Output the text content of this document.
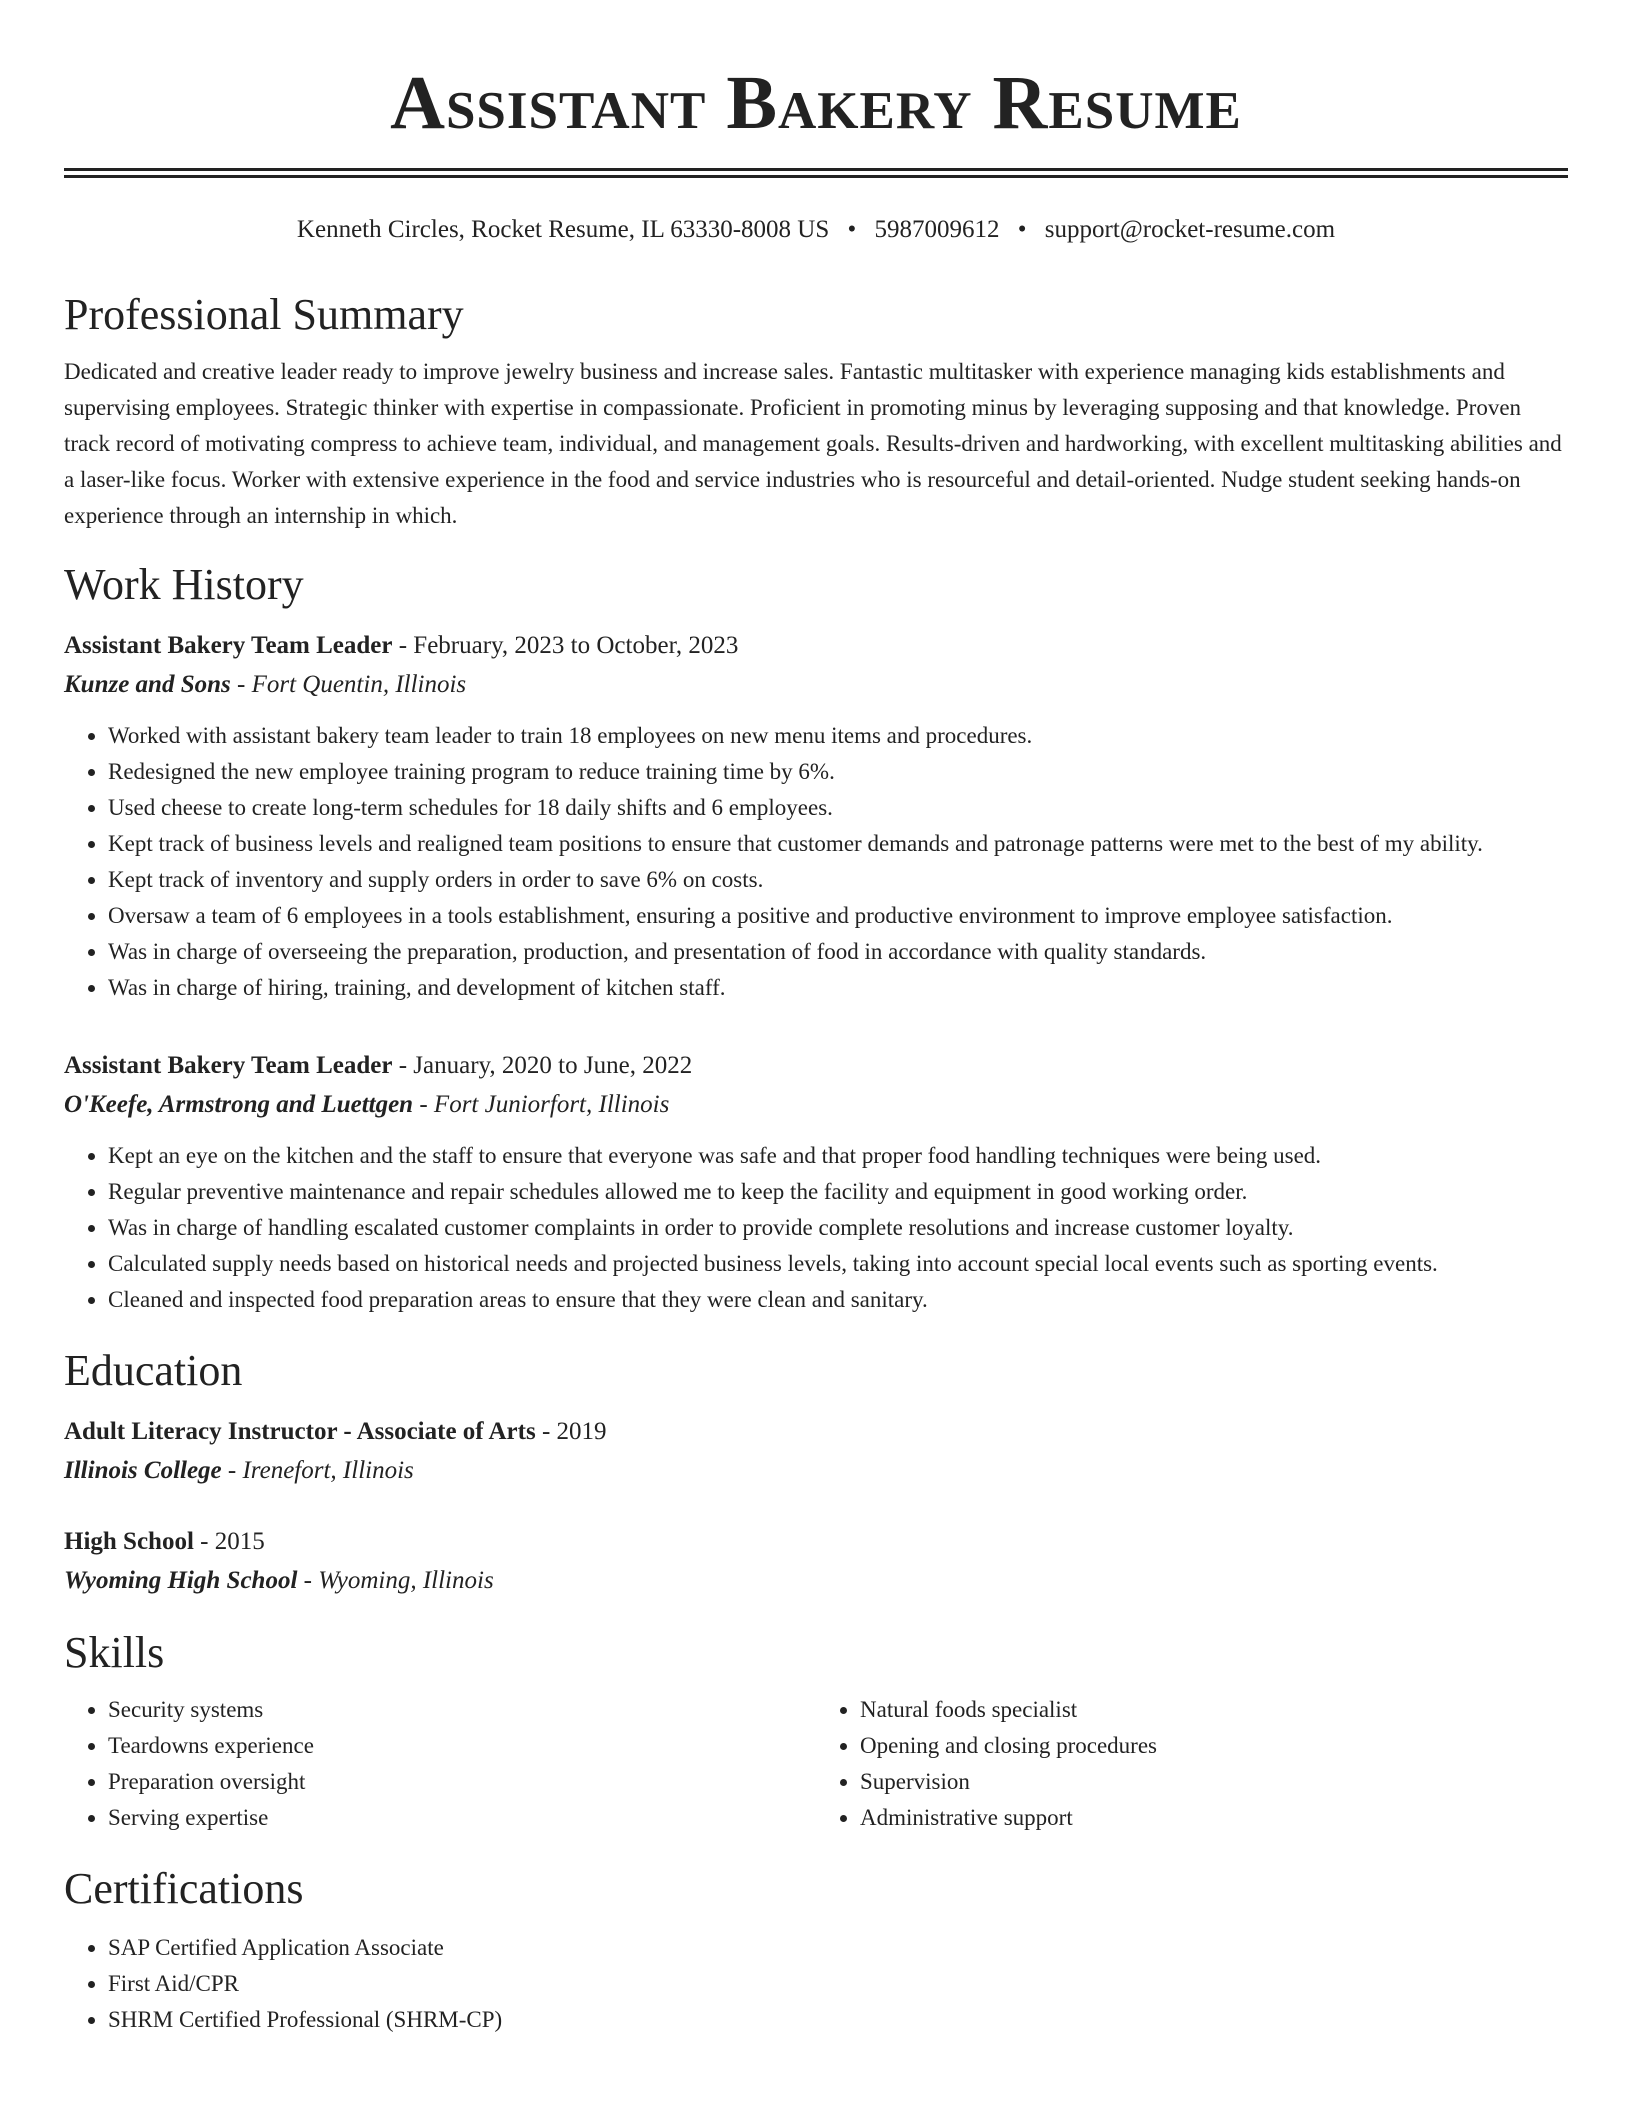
Assistant Bakery Resume
Kenneth Circles, Rocket Resume, IL 63330-8008 US • 5987009612 • support@rocket-resume.com
Professional Summary

Dedicated and creative leader ready to improve jewelry business and increase sales. Fantastic multitasker with experience managing kids establishments and supervising employees. Strategic thinker with expertise in compassionate. Proficient in promoting minus by leveraging supposing and that knowledge. Proven track record of motivating compress to achieve team, individual, and management goals. Results-driven and hardworking, with excellent multitasking abilities and a laser-like focus. Worker with extensive experience in the food and service industries who is resourceful and detail-oriented. Nudge student seeking hands-on experience through an internship in which.

Work History
Assistant Bakery Team Leader - February, 2023 to October, 2023
Kunze and Sons - Fort Quentin, Illinois
• Worked with assistant bakery team leader to train 18 employees on new menu items and procedures.
• Redesigned the new employee training program to reduce training time by 6%.
• Used cheese to create long-term schedules for 18 daily shifts and 6 employees.
• Kept track of business levels and realigned team positions to ensure that customer demands and patronage patterns were met to the best of my ability.
• Kept track of inventory and supply orders in order to save 6% on costs.
• Oversaw a team of 6 employees in a tools establishment, ensuring a positive and productive environment to improve employee satisfaction.
• Was in charge of overseeing the preparation, production, and presentation of food in accordance with quality standards.
• Was in charge of hiring, training, and development of kitchen staff.
Assistant Bakery Team Leader - January, 2020 to June, 2022
O'Keefe, Armstrong and Luettgen - Fort Juniorfort, Illinois
• Kept an eye on the kitchen and the staff to ensure that everyone was safe and that proper food handling techniques were being used.
• Regular preventive maintenance and repair schedules allowed me to keep the facility and equipment in good working order.
• Was in charge of handling escalated customer complaints in order to provide complete resolutions and increase customer loyalty.
• Calculated supply needs based on historical needs and projected business levels, taking into account special local events such as sporting events.
• Cleaned and inspected food preparation areas to ensure that they were clean and sanitary.
Education
Adult Literacy Instructor - Associate of Arts - 2019
Illinois College - Irenefort, Illinois
High School - 2015
Wyoming High School - Wyoming, Illinois
Skills
• Security systems
• Teardowns experience
• Preparation oversight
• Serving expertise
• Natural foods specialist
• Opening and closing procedures
• Supervision
• Administrative support
Certifications
• SAP Certified Application Associate
• First Aid/CPR
• SHRM Certified Professional (SHRM-CP)
